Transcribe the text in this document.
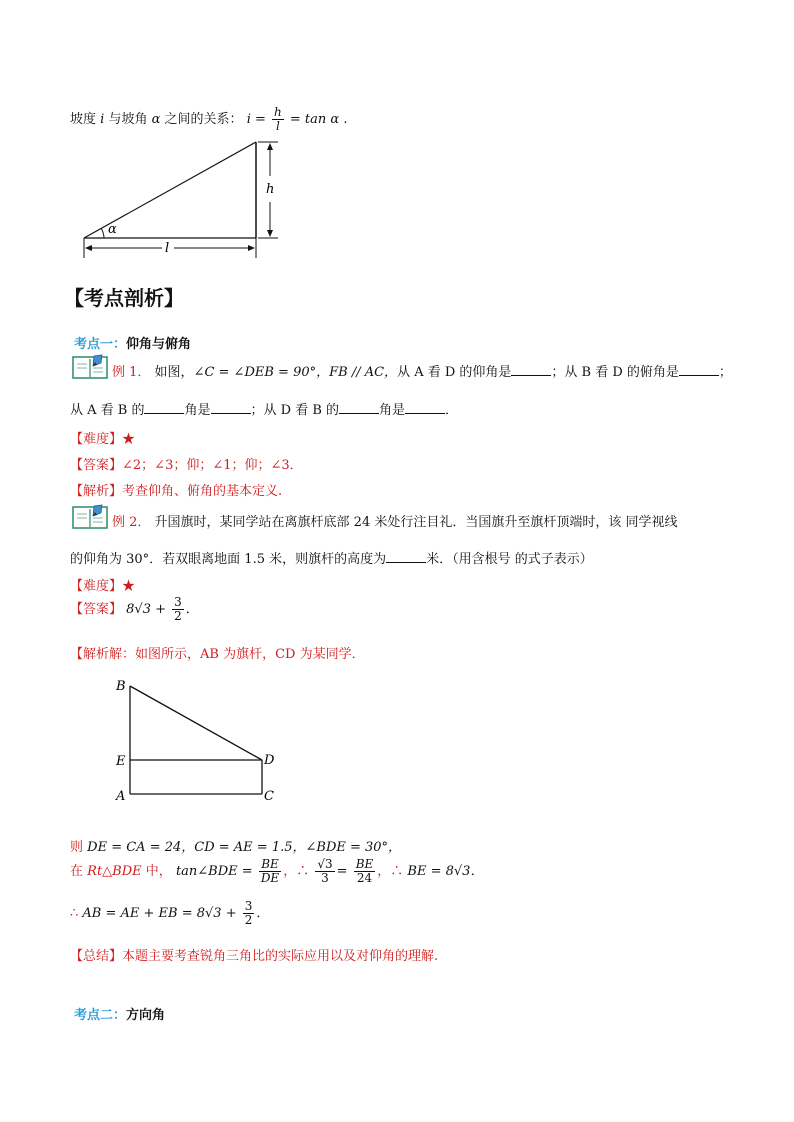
坡度 i 与坡角 α 之间的关系： $i = \frac{h}{l} = \tan \alpha$ .
α
h
l
【考点剖析】
考点一：仰角与俯角
例 1． 如图，∠C = ∠DEB = 90°，FB // AC，从 A 看 D 的仰角是	；从 B 看 D 的俯角是	；
从 A 看 B 的	角是	；从 D 看 B 的	角是	．
【难度】★
【答案】∠2；∠3；仰；∠1；仰；∠3．
【解析】考查仰角、俯角的基本定义.
例 2． 升国旗时，某同学站在离旗杆底部 24 米处行注目礼．当国旗升至旗杆顶端时，该 同学视线
的仰角为 30°．若双眼离地面 1.5 米，则旗杆的高度为	米．（用含根号 的式子表示）
【难度】★
【答案】 $8√3 + \frac{3}{2}$ ．
【解析解：如图所示，AB 为旗杆，CD 为某同学．
B
E
A
D
C
则 DE = CA = 24，CD = AE = 1.5，∠BDE = 30°，
在 Rt△BDE 中， tan∠BDE = $\frac{BE}{DE}$ ，∴ $\frac{√3}{3} = \frac{BE}{24}$ ，∴ BE = 8√3．
∴ AB = AE + EB = $8√3 + \frac{3}{2}$ ．
【总结】本题主要考查锐角三角比的实际应用以及对仰角的理解.
考点二：方向角
